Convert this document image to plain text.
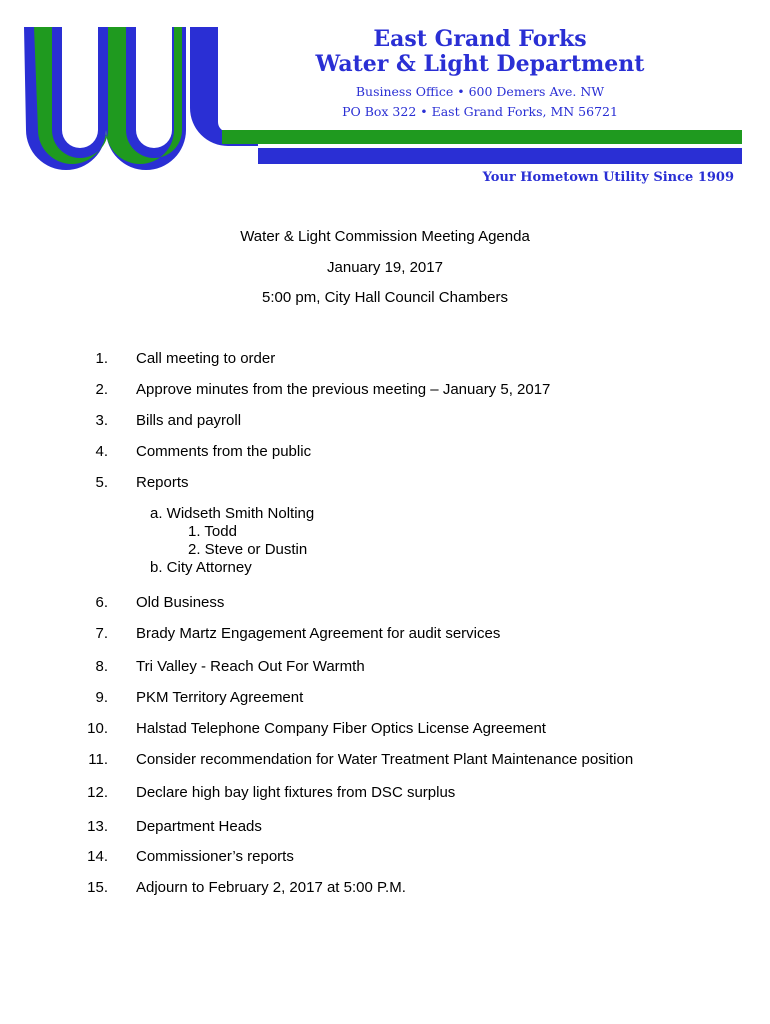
East Grand Forks
Water & Light Department
Business Office • 600 Demers Ave. NW
PO Box 322 • East Grand Forks, MN 56721
Your Hometown Utility Since 1909
Water & Light Commission Meeting Agenda
January 19, 2017
5:00 pm, City Hall Council Chambers
1. Call meeting to order
2. Approve minutes from the previous meeting – January 5, 2017
3. Bills and payroll
4. Comments from the public
5. Reports
a. Widseth Smith Nolting
1. Todd
2. Steve or Dustin
b. City Attorney
6. Old Business
7. Brady Martz Engagement Agreement for audit services
8. Tri Valley - Reach Out For Warmth
9. PKM Territory Agreement
10. Halstad Telephone Company Fiber Optics License Agreement
11. Consider recommendation for Water Treatment Plant Maintenance position
12. Declare high bay light fixtures from DSC surplus
13. Department Heads
14. Commissioner’s reports
15. Adjourn to February 2, 2017 at 5:00 P.M.
